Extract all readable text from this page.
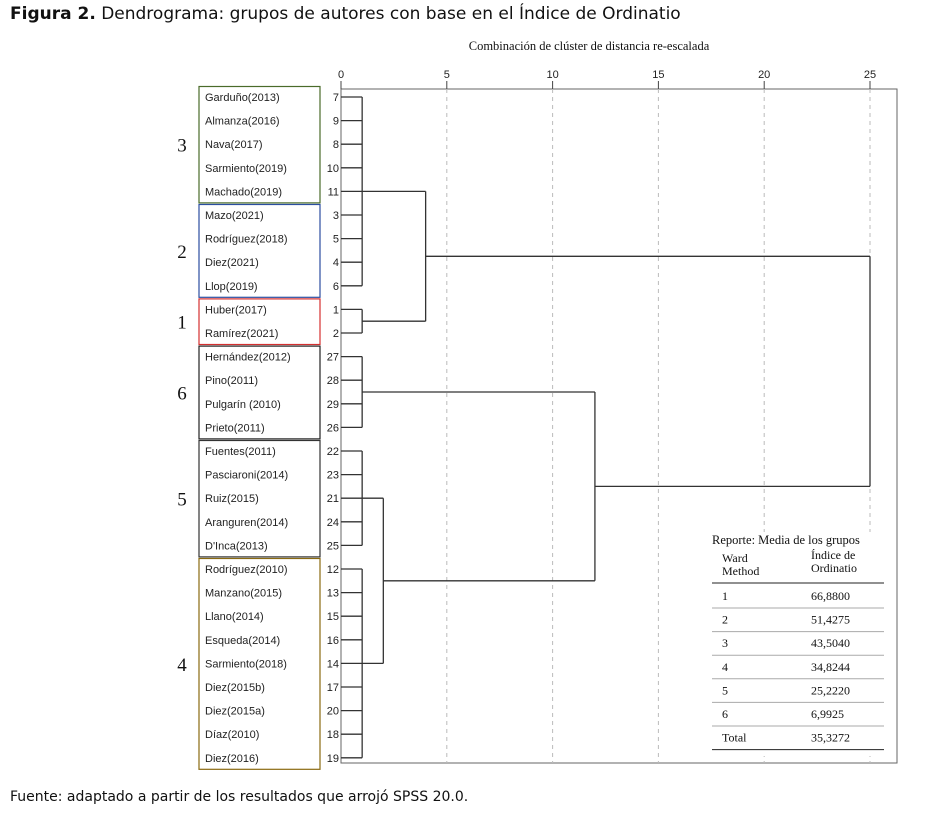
Figura 2. Dendrograma: grupos de autores con base en el Índice de Ordinatio
Combinación de clúster de distancia re-escalada
0	5	10	15	20	25
3
2
1
6
5
4
Garduño(2013)	7
Almanza(2016)	9
Nava(2017)	8
Sarmiento(2019)	10
Machado(2019)	11
Mazo(2021)	3
Rodríguez(2018)	5
Diez(2021)	4
Llop(2019)	6
Huber(2017)	1
Ramírez(2021)	2
Hernández(2012)	27
Pino(2011)	28
Pulgarín (2010)	29
Prieto(2011)	26
Fuentes(2011)	22
Pasciaroni(2014)	23
Ruiz(2015)	21
Aranguren(2014)	24
D'Inca(2013)	25
Rodríguez(2010)	12
Manzano(2015)	13
Llano(2014)	15
Esqueda(2014)	16
Sarmiento(2018)	14
Diez(2015b)	17
Diez(2015a)	20
Díaz(2010)	18
Diez(2016)	19
Reporte: Media de los grupos
Ward
Method
Índice de
Ordinatio
1	66,8800
2	51,4275
3	43,5040
4	34,8244
5	25,2220
6	6,9925
Total	35,3272
Fuente: adaptado a partir de los resultados que arrojó SPSS 20.0.
